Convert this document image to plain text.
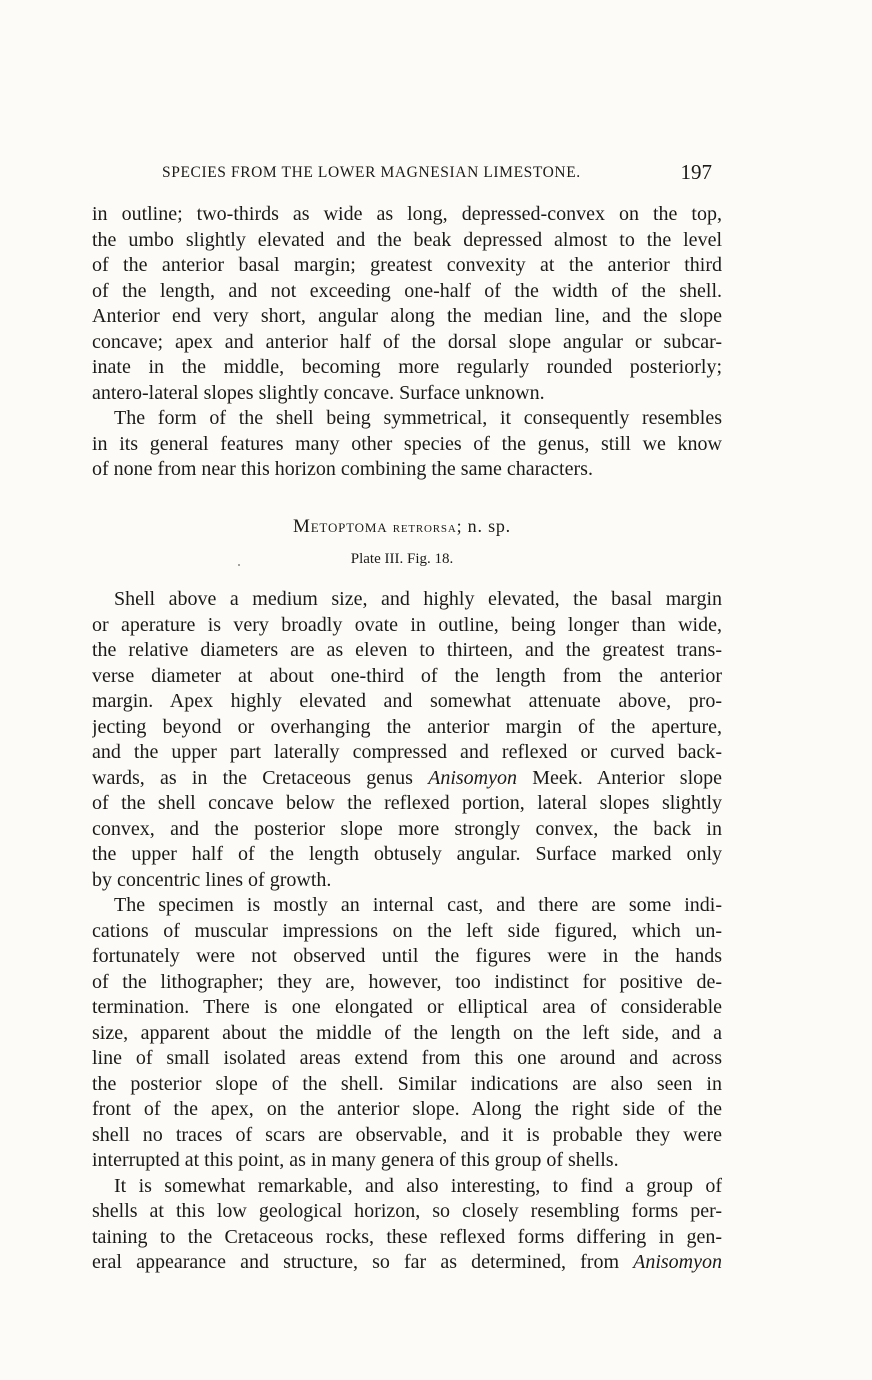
SPECIES FROM THE LOWER MAGNESIAN LIMESTONE.	197
in outline; two-thirds as wide as long, depressed-convex on the top,
the umbo slightly elevated and the beak depressed almost to the level
of the anterior basal margin; greatest convexity at the anterior third
of the length, and not exceeding one-half of the width of the shell.
Anterior end very short, angular along the median line, and the slope
concave; apex and anterior half of the dorsal slope angular or subcar-
inate in the middle, becoming more regularly rounded posteriorly;
antero-lateral slopes slightly concave. Surface unknown.
The form of the shell being symmetrical, it consequently resembles
in its general features many other species of the genus, still we know
of none from near this horizon combining the same characters.
Metoptoma retrorsa; n. sp.
Plate III. Fig. 18.
Shell above a medium size, and highly elevated, the basal margin
or aperature is very broadly ovate in outline, being longer than wide,
the relative diameters are as eleven to thirteen, and the greatest trans-
verse diameter at about one-third of the length from the anterior
margin. Apex highly elevated and somewhat attenuate above, pro-
jecting beyond or overhanging the anterior margin of the aperture,
and the upper part laterally compressed and reflexed or curved back-
wards, as in the Cretaceous genus Anisomyon Meek. Anterior slope
of the shell concave below the reflexed portion, lateral slopes slightly
convex, and the posterior slope more strongly convex, the back in
the upper half of the length obtusely angular. Surface marked only
by concentric lines of growth.
The specimen is mostly an internal cast, and there are some indi-
cations of muscular impressions on the left side figured, which un-
fortunately were not observed until the figures were in the hands
of the lithographer; they are, however, too indistinct for positive de-
termination. There is one elongated or elliptical area of considerable
size, apparent about the middle of the length on the left side, and a
line of small isolated areas extend from this one around and across
the posterior slope of the shell. Similar indications are also seen in
front of the apex, on the anterior slope. Along the right side of the
shell no traces of scars are observable, and it is probable they were
interrupted at this point, as in many genera of this group of shells.
It is somewhat remarkable, and also interesting, to find a group of
shells at this low geological horizon, so closely resembling forms per-
taining to the Cretaceous rocks, these reflexed forms differing in gen-
eral appearance and structure, so far as determined, from Anisomyon
